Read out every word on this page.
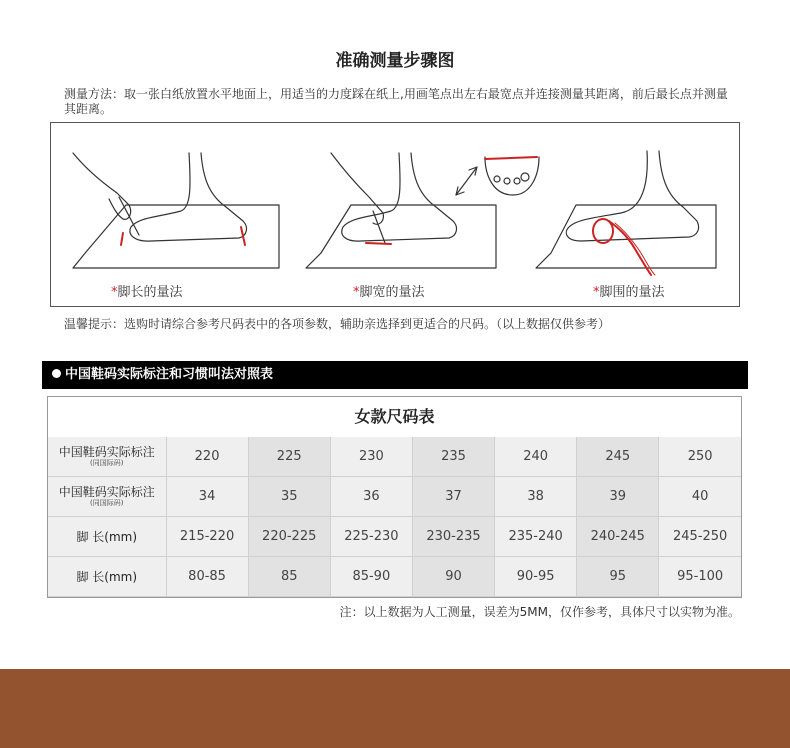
准确测量步骤图
测量方法：取一张白纸放置水平地面上，用适当的力度踩在纸上,用画笔点出左右最宽点并连接测量其距离，前后最长点并测量其距离。
*脚长的量法	*脚宽的量法	*脚围的量法
温馨提示：选购时请综合参考尺码表中的各项参数，辅助亲选择到更适合的尺码。（以上数据仅供参考）
中国鞋码实际标注和习惯叫法对照表
女款尺码表
中国鞋码实际标注
(同国际码)	220	225	230	235	240	245	250
中国鞋码实际标注
(同国际码)	34	35	36	37	38	39	40
脚 长(mm)	215-220	220-225	225-230	230-235	235-240	240-245	245-250
脚 长(mm)	80-85	85	85-90	90	90-95	95	95-100
注：以上数据为人工测量，误差为5MM，仅作参考，具体尺寸以实物为准。
